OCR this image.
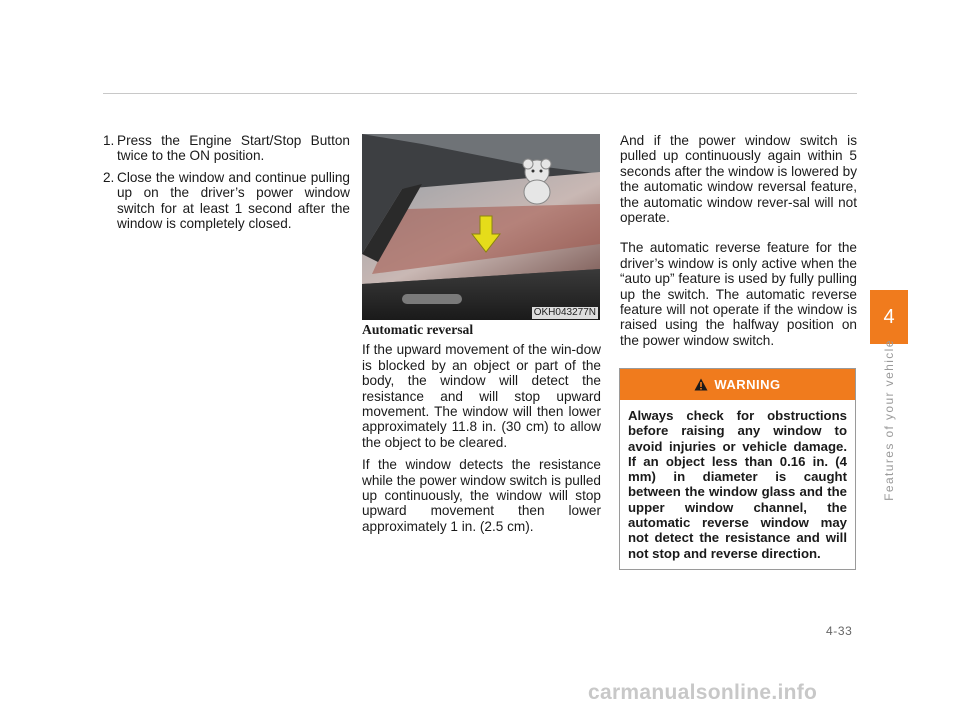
1. Press the Engine Start/Stop Button twice to the ON position.
2. Close the window and continue pulling up on the driver’s power window switch for at least 1 second after the window is completely closed.
OKH043277N
Automatic reversal

If the upward movement of the win-dow is blocked by an object or part of the body, the window will detect the resistance and will stop upward movement. The window will then lower approximately 11.8 in. (30 cm) to allow the object to be cleared.

If the window detects the resistance while the power window switch is pulled up continuously, the window will stop upward movement then lower approximately 1 in. (2.5 cm).

And if the power window switch is pulled up continuously again within 5 seconds after the window is lowered by the automatic window reversal feature, the automatic window rever-sal will not operate.

The automatic reverse feature for the driver’s window is only active when the “auto up” feature is used by fully pulling up the switch. The automatic reverse feature will not operate if the window is raised using the halfway position on the power window switch.

WARNING
Always check for obstructions before raising any window to avoid injuries or vehicle damage. If an object less than 0.16 in. (4 mm) in diameter is caught between the window glass and the upper window channel, the automatic reverse window may not detect the resistance and will not stop and reverse direction.
4
Features of your vehicle
4-33
carmanualsonline.info
